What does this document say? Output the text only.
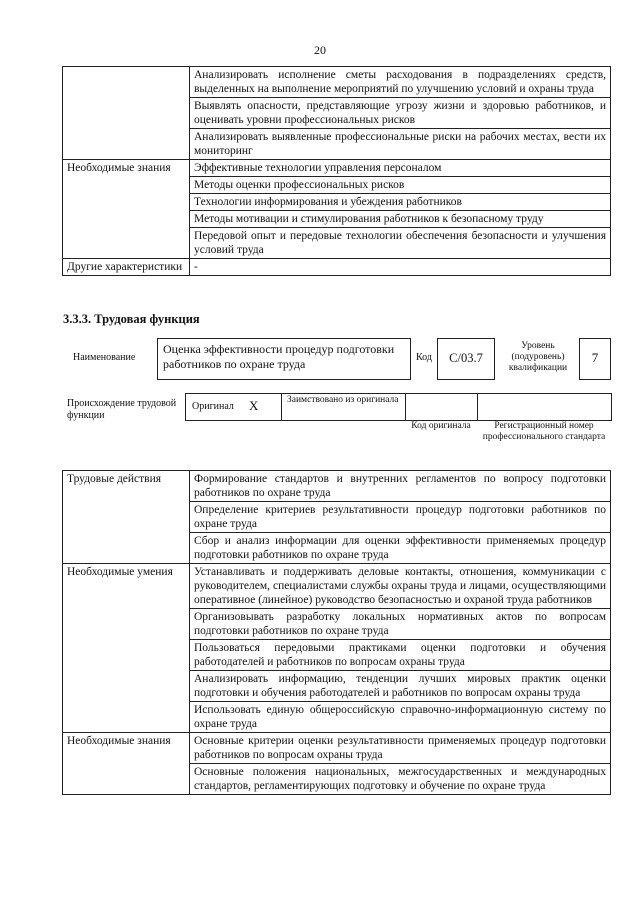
20
	Анализировать исполнение сметы расходования в подразделениях средств, выделенных на выполнение мероприятий по улучшению условий и охраны труда
	Выявлять опасности, представляющие угрозу жизни и здоровью работников, и оценивать уровни профессиональных рисков
	Анализировать выявленные профессиональные риски на рабочих местах, вести их мониторинг
Необходимые знания	Эффективные технологии управления персоналом
	Методы оценки профессиональных рисков
	Технологии информирования и убеждения работников
	Методы мотивации и стимулирования работников к безопасному труду
	Передовой опыт и передовые технологии обеспечения безопасности и улучшения условий труда
Другие характеристики	-
3.3.3. Трудовая функция
Наименование
Оценка эффективности процедур подготовки работников по охране труда	Код	C/03.7
Уровень (подуровень) квалификации
7
Происхождение трудовой функции
Оригинал X	Заимствовано из оригинала
Код оригинала	Регистрационный номер профессионального стандарта
Трудовые действия	Формирование стандартов и внутренних регламентов по вопросу подготовки работников по охране труда
	Определение критериев результативности процедур подготовки работников по охране труда
	Сбор и анализ информации для оценки эффективности применяемых процедур подготовки работников по охране труда
Необходимые умения	Устанавливать и поддерживать деловые контакты, отношения, коммуникации с руководителем, специалистами службы охраны труда и лицами, осуществляющими оперативное (линейное) руководство безопасностью и охраной труда работников
	Организовывать разработку локальных нормативных актов по вопросам подготовки работников по охране труда
	Пользоваться передовыми практиками оценки подготовки и обучения работодателей и работников по вопросам охраны труда
	Анализировать информацию, тенденции лучших мировых практик оценки подготовки и обучения работодателей и работников по вопросам охраны труда
	Использовать единую общероссийскую справочно-информационную систему по охране труда
Необходимые знания	Основные критерии оценки результативности применяемых процедур подготовки работников по вопросам охраны труда
	Основные положения национальных, межгосударственных и международных стандартов, регламентирующих подготовку и обучение по охране труда
